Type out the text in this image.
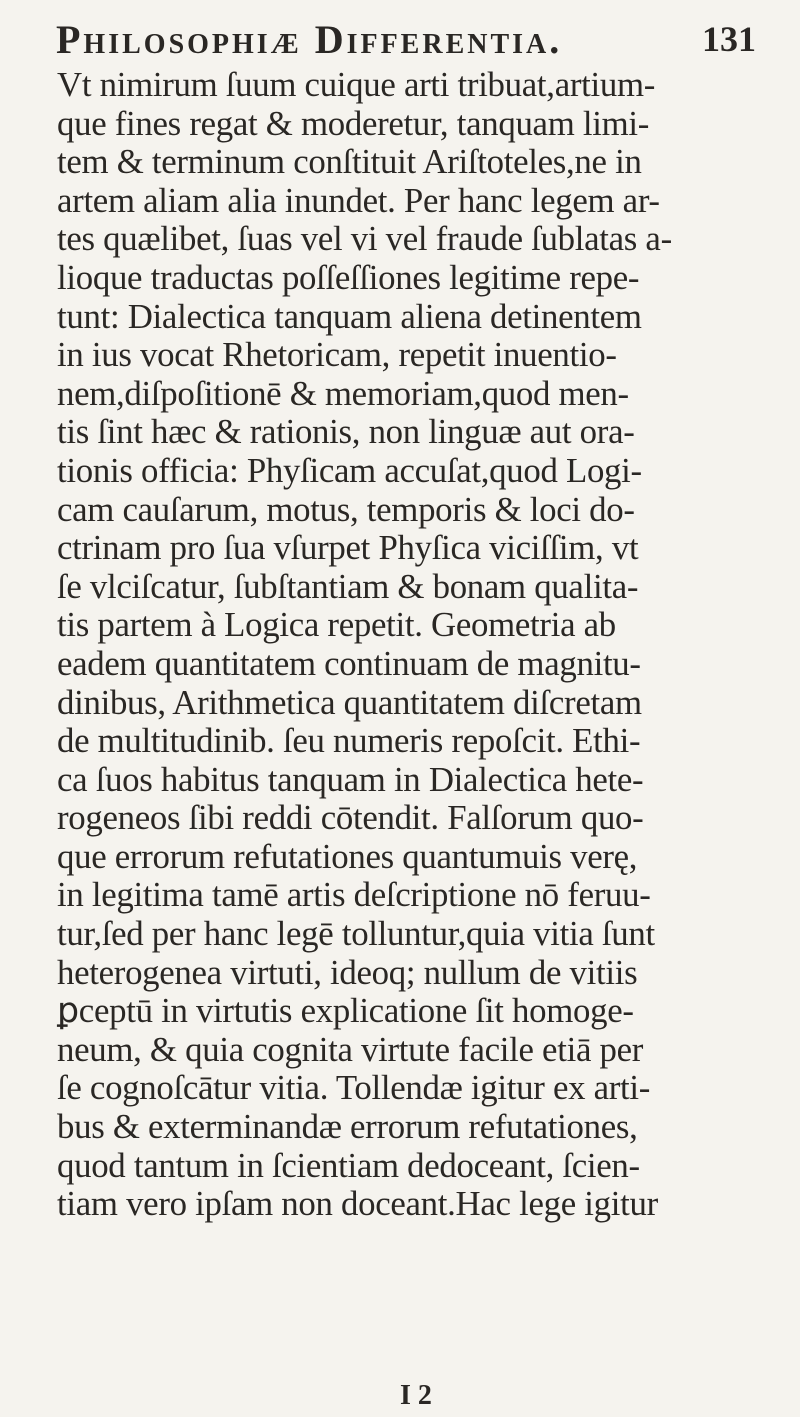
Philosophiæ Differentia.	131
Vt nimirum ſuum cuique arti tribuat,artium-
que fines regat & moderetur, tanquam limi-
tem & terminum conſtituit Ariſtoteles,ne in
artem aliam alia inundet. Per hanc legem ar-
tes quælibet, ſuas vel vi vel fraude ſublatas a-
lioque traductas poſſeſſiones legitime repe-
tunt: Dialectica tanquam aliena detinentem
in ius vocat Rhetoricam, repetit inuentio-
nem,diſpoſitionē & memoriam,quod men-
tis ſint hæc & rationis, non linguæ aut ora-
tionis officia: Phyſicam accuſat,quod Logi-
cam cauſarum, motus, temporis & loci do-
ctrinam pro ſua vſurpet Phyſica viciſſim, vt
ſe vlciſcatur, ſubſtantiam & bonam qualita-
tis partem à Logica repetit. Geometria ab
eadem quantitatem continuam de magnitu-
dinibus, Arithmetica quantitatem diſcretam
de multitudinib. ſeu numeris repoſcit. Ethi-
ca ſuos habitus tanquam in Dialectica hete-
rogeneos ſibi reddi cōtendit. Falſorum quo-
que errorum refutationes quantumuis verę,
in legitima tamē artis deſcriptione nō feruu-
tur,ſed per hanc legē tolluntur,quia vitia ſunt
heterogenea virtuti, ideoq; nullum de vitiis
ꝑceptū in virtutis explicatione ſit homoge-
neum, & quia cognita virtute facile etiā per
ſe cognoſcātur vitia. Tollendæ igitur ex arti-
bus & exterminandæ errorum refutationes,
quod tantum in ſcientiam dedoceant, ſcien-
tiam vero ipſam non doceant.Hac lege igitur
I 2
